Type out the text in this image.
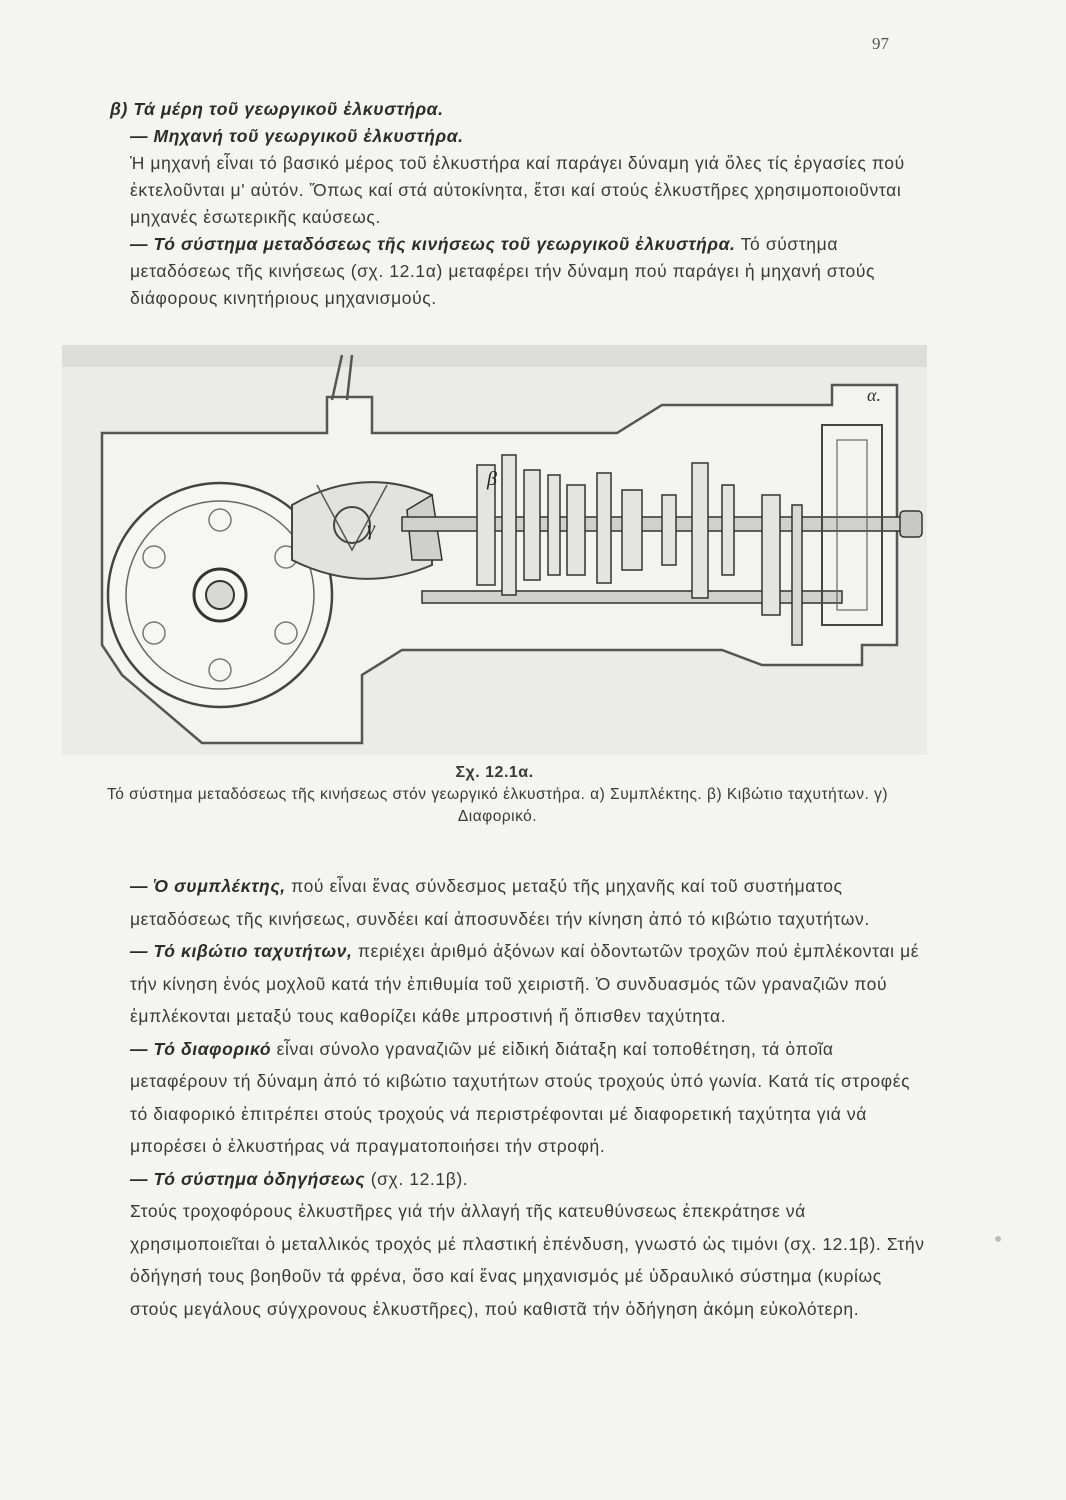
97

β) Τά μέρη τοῦ γεωργικοῦ ἐλκυστήρα.

— Μηχανή τοῦ γεωργικοῦ ἐλκυστήρα.

Ἡ μηχανή εἶναι τό βασικό μέρος τοῦ ἐλκυστήρα καί παράγει δύναμη γιά ὅλες τίς ἐργασίες πού ἐκτελοῦνται μ' αὐτόν. Ὅπως καί στά αὐτοκίνητα, ἔτσι καί στούς ἐλκυστῆρες χρησιμοποιοῦνται μηχανές ἐσωτερικῆς καύσεως.

— Τό σύστημα μεταδόσεως τῆς κινήσεως τοῦ γεωργικοῦ ἐλκυστήρα. Τό σύστημα μεταδόσεως τῆς κινήσεως (σχ. 12.1α) μεταφέρει τήν δύναμη πού παράγει ἡ μηχανή στούς διάφορους κινητήριους μηχανισμούς.

α.
β
γ
Σχ. 12.1α.
Τό σύστημα μεταδόσεως τῆς κινήσεως στόν γεωργικό ἐλκυστήρα. α) Συμπλέκτης. β) Κιβώτιο ταχυτήτων. γ) Διαφορικό.

— Ὁ συμπλέκτης, πού εἶναι ἕνας σύνδεσμος μεταξύ τῆς μηχανῆς καί τοῦ συστήματος μεταδόσεως τῆς κινήσεως, συνδέει καί ἀποσυνδέει τήν κίνηση ἀπό τό κιβώτιο ταχυτήτων.

— Τό κιβώτιο ταχυτήτων, περιέχει ἀριθμό ἀξόνων καί ὀδοντωτῶν τροχῶν πού ἐμπλέκονται μέ τήν κίνηση ἑνός μοχλοῦ κατά τήν ἐπιθυμία τοῦ χειριστῆ. Ὁ συνδυασμός τῶν γραναζιῶν πού ἐμπλέκονται μεταξύ τους καθορίζει κάθε μπροστινή ἤ ὄπισθεν ταχύτητα.

— Τό διαφορικό εἶναι σύνολο γραναζιῶν μέ εἰδική διάταξη καί τοποθέτηση, τά ὁποῖα μεταφέρουν τή δύναμη ἀπό τό κιβώτιο ταχυτήτων στούς τροχούς ὑπό γωνία. Κατά τίς στροφές τό διαφορικό ἐπιτρέπει στούς τροχούς νά περιστρέφονται μέ διαφορετική ταχύτητα γιά νά μπορέσει ὁ ἐλκυστήρας νά πραγματοποιήσει τήν στροφή.

— Τό σύστημα ὁδηγήσεως (σχ. 12.1β).

Στούς τροχοφόρους ἐλκυστῆρες γιά τήν ἀλλαγή τῆς κατευθύνσεως ἐπεκράτησε νά χρησιμοποιεῖται ὁ μεταλλικός τροχός μέ πλαστική ἐπένδυση, γνωστό ὡς τιμόνι (σχ. 12.1β). Στήν ὁδήγησή τους βοηθοῦν τά φρένα, ὅσο καί ἕνας μηχανισμός μέ ὑδραυλικό σύστημα (κυρίως στούς μεγάλους σύγχρονους ἐλκυστῆρες), πού καθιστᾶ τήν ὁδήγηση ἀκόμη εὐκολότερη.
